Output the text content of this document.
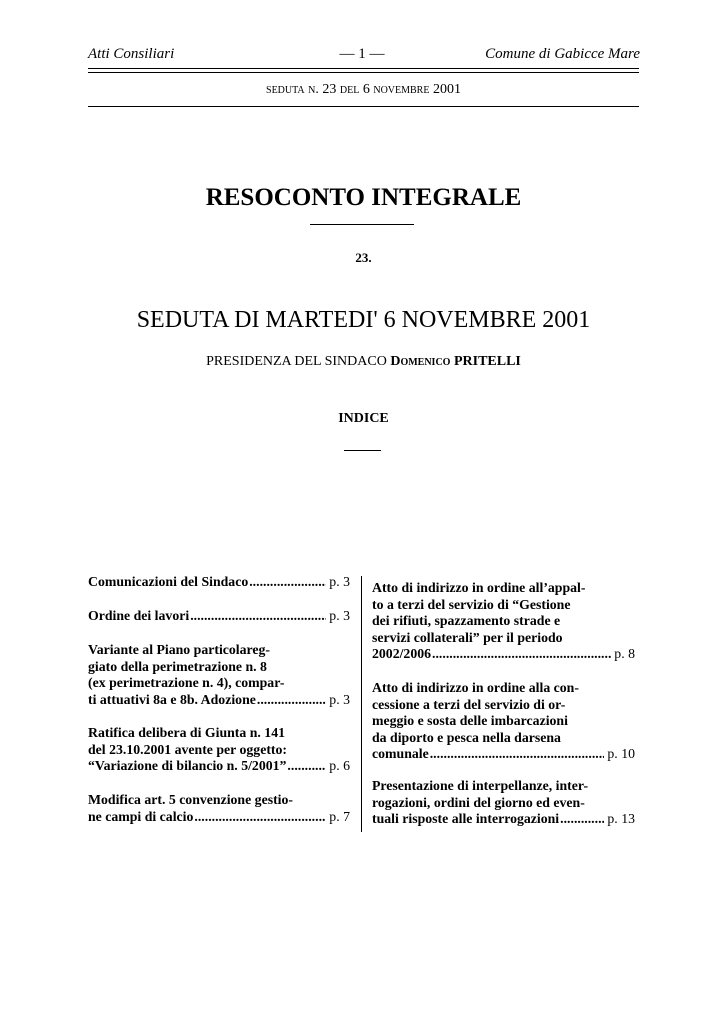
Atti Consiliari	— 1 —	Comune di Gabicce Mare
seduta n. 23 del 6 novembre 2001
RESOCONTO INTEGRALE
23.
SEDUTA DI MARTEDI' 6 NOVEMBRE 2001
PRESIDENZA DEL SINDACO Domenico PRITELLI
INDICE
Comunicazioni del Sindaco .....	p. 3
Ordine dei lavori .....	p. 3
Variante al Piano particolareg-
giato della perimetrazione n. 8
(ex perimetrazione n. 4), compar-
ti attuativi 8a e 8b. Adozione .....	p. 3
Ratifica delibera di Giunta n. 141
del 23.10.2001 avente per oggetto:
“Variazione di bilancio n. 5/2001” .....	p. 6
Modifica art. 5 convenzione gestio-
ne campi di calcio .....	p. 7
Atto di indirizzo in ordine all’appal-
to a terzi del servizio di “Gestione
dei rifiuti, spazzamento strade e
servizi collaterali” per il periodo
2002/2006 .....	p. 8
Atto di indirizzo in ordine alla con-
cessione a terzi del servizio di or-
meggio e sosta delle imbarcazioni
da diporto e pesca nella darsena
comunale .....	p. 10
Presentazione di interpellanze, inter-
rogazioni, ordini del giorno ed even-
tuali risposte alle interrogazioni .....	p. 13
